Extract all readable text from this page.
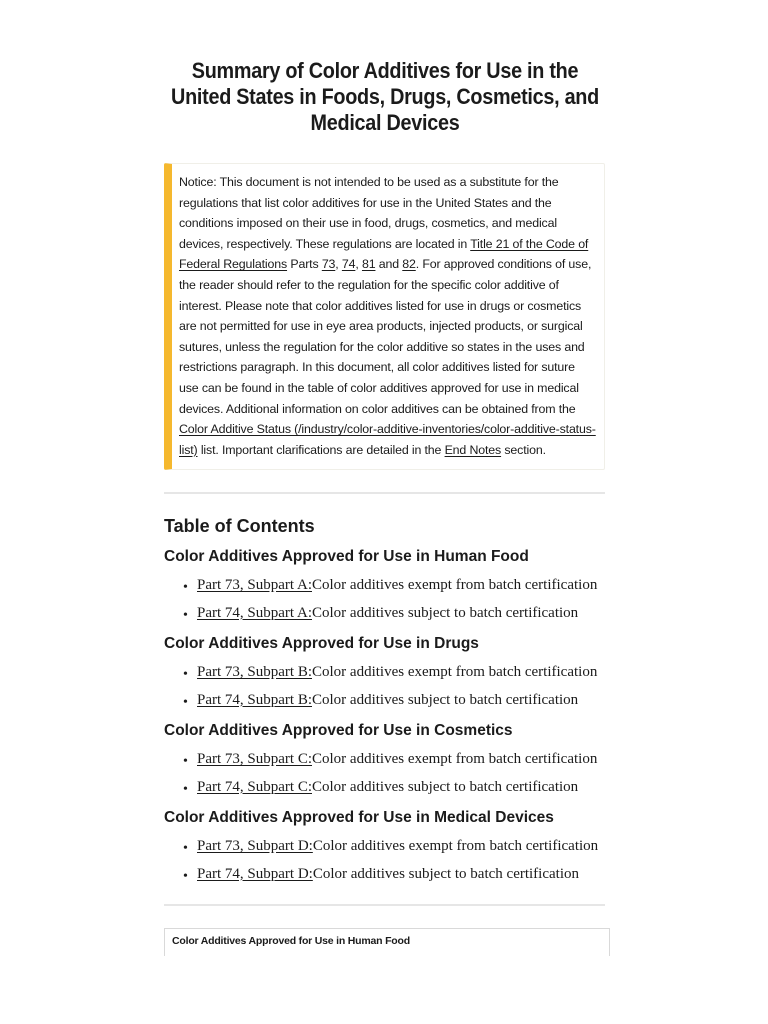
Summary of Color Additives for Use in the United States in Foods, Drugs, Cosmetics, and Medical Devices
Notice: This document is not intended to be used as a substitute for the regulations that list color additives for use in the United States and the conditions imposed on their use in food, drugs, cosmetics, and medical devices, respectively. These regulations are located in Title 21 of the Code of Federal Regulations Parts 73, 74, 81 and 82. For approved conditions of use, the reader should refer to the regulation for the specific color additive of interest. Please note that color additives listed for use in drugs or cosmetics are not permitted for use in eye area products, injected products, or surgical sutures, unless the regulation for the color additive so states in the uses and restrictions paragraph. In this document, all color additives listed for suture use can be found in the table of color additives approved for use in medical devices. Additional information on color additives can be obtained from the Color Additive Status (/industry/color-additive-inventories/color-additive-status-list) list. Important clarifications are detailed in the End Notes section.
Table of Contents
Color Additives Approved for Use in Human Food
• Part 73, Subpart A: Color additives exempt from batch certification
• Part 74, Subpart A: Color additives subject to batch certification
Color Additives Approved for Use in Drugs
• Part 73, Subpart B: Color additives exempt from batch certification
• Part 74, Subpart B: Color additives subject to batch certification
Color Additives Approved for Use in Cosmetics
• Part 73, Subpart C: Color additives exempt from batch certification
• Part 74, Subpart C: Color additives subject to batch certification
Color Additives Approved for Use in Medical Devices
• Part 73, Subpart D: Color additives exempt from batch certification
• Part 74, Subpart D: Color additives subject to batch certification
Color Additives Approved for Use in Human Food
